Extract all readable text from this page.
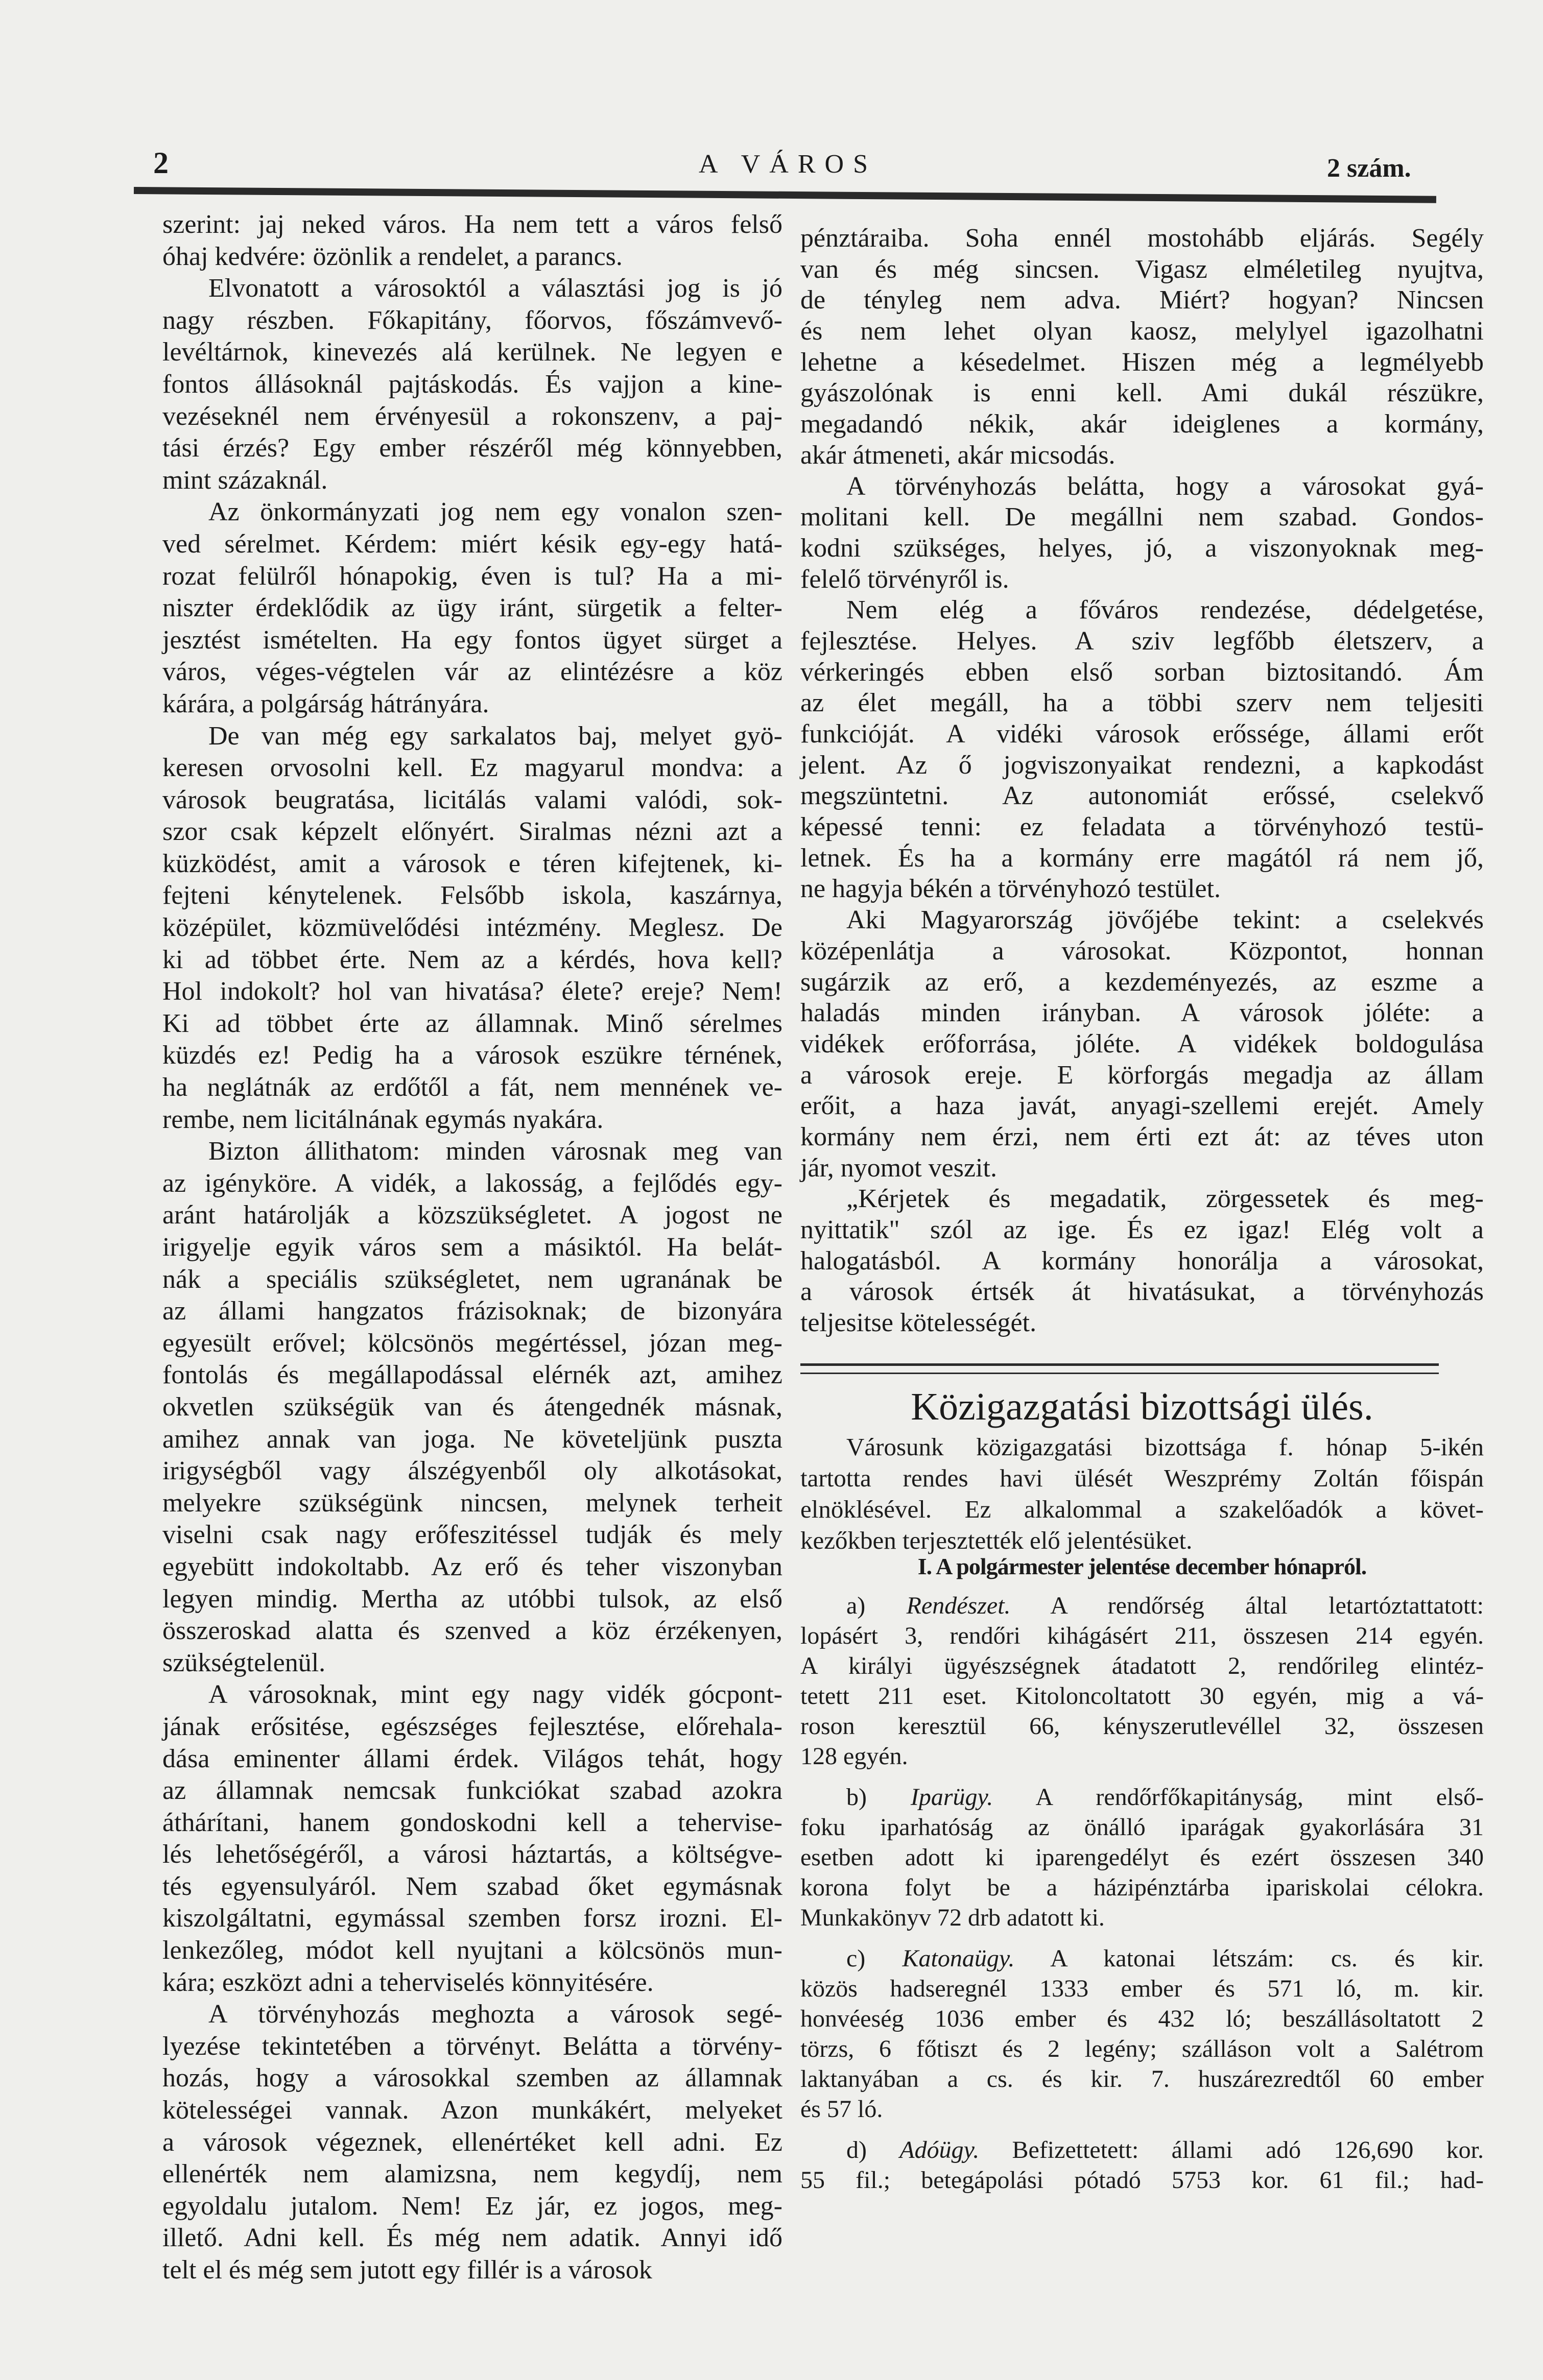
2	A VÁROS	2 szám.
szerint: jaj neked város. Ha nem tett a város felső
óhaj kedvére: özönlik a rendelet, a parancs.
Elvonatott a városoktól a választási jog is jó
nagy részben. Főkapitány, főorvos, főszámvevő-
levéltárnok, kinevezés alá kerülnek. Ne legyen e
fontos állásoknál pajtáskodás. És vajjon a kine-
vezéseknél nem érvényesül a rokonszenv, a paj-
tási érzés? Egy ember részéről még könnyebben,
mint százaknál.
Az önkormányzati jog nem egy vonalon szen-
ved sérelmet. Kérdem: miért késik egy-egy hatá-
rozat felülről hónapokig, éven is tul? Ha a mi-
niszter érdeklődik az ügy iránt, sürgetik a felter-
jesztést ismételten. Ha egy fontos ügyet sürget a
város, véges-végtelen vár az elintézésre a köz
kárára, a polgárság hátrányára.
De van még egy sarkalatos baj, melyet gyö-
keresen orvosolni kell. Ez magyarul mondva: a
városok beugratása, licitálás valami valódi, sok-
szor csak képzelt előnyért. Siralmas nézni azt a
küzködést, amit a városok e téren kifejtenek, ki-
fejteni kénytelenek. Felsőbb iskola, kaszárnya,
középület, közmüvelődési intézmény. Meglesz. De
ki ad többet érte. Nem az a kérdés, hova kell?
Hol indokolt? hol van hivatása? élete? ereje? Nem!
Ki ad többet érte az államnak. Minő sérelmes
küzdés ez! Pedig ha a városok eszükre térnének,
ha neglátnák az erdőtől a fát, nem mennének ve-
rembe, nem licitálnának egymás nyakára.
Bizton állithatom: minden városnak meg van
az igényköre. A vidék, a lakosság, a fejlődés egy-
aránt határolják a közszükségletet. A jogost ne
irigyelje egyik város sem a másiktól. Ha belát-
nák a speciális szükségletet, nem ugranának be
az állami hangzatos frázisoknak; de bizonyára
egyesült erővel; kölcsönös megértéssel, józan meg-
fontolás és megállapodással elérnék azt, amihez
okvetlen szükségük van és átengednék másnak,
amihez annak van joga. Ne követeljünk puszta
irigységből vagy álszégyenből oly alkotásokat,
melyekre szükségünk nincsen, melynek terheit
viselni csak nagy erőfeszitéssel tudják és mely
egyebütt indokoltabb. Az erő és teher viszonyban
legyen mindig. Mertha az utóbbi tulsok, az első
összeroskad alatta és szenved a köz érzékenyen,
szükségtelenül.
A városoknak, mint egy nagy vidék gócpont-
jának erősitése, egészséges fejlesztése, előrehala-
dása eminenter állami érdek. Világos tehát, hogy
az államnak nemcsak funkciókat szabad azokra
áthárítani, hanem gondoskodni kell a tehervise-
lés lehetőségéről, a városi háztartás, a költségve-
tés egyensulyáról. Nem szabad őket egymásnak
kiszolgáltatni, egymással szemben forsz irozni. El-
lenkezőleg, módot kell nyujtani a kölcsönös mun-
kára; eszközt adni a teherviselés könnyitésére.
A törvényhozás meghozta a városok segé-
lyezése tekintetében a törvényt. Belátta a törvény-
hozás, hogy a városokkal szemben az államnak
kötelességei vannak. Azon munkákért, melyeket
a városok végeznek, ellenértéket kell adni. Ez
ellenérték nem alamizsna, nem kegydíj, nem
egyoldalu jutalom. Nem! Ez jár, ez jogos, meg-
illető. Adni kell. És még nem adatik. Annyi idő
telt el és még sem jutott egy fillér is a városok
pénztáraiba. Soha ennél mostohább eljárás. Segély
van és még sincsen. Vigasz elméletileg nyujtva,
de tényleg nem adva. Miért? hogyan? Nincsen
és nem lehet olyan kaosz, melylyel igazolhatni
lehetne a késedelmet. Hiszen még a legmélyebb
gyászolónak is enni kell. Ami dukál részükre,
megadandó nékik, akár ideiglenes a kormány,
akár átmeneti, akár micsodás.
A törvényhozás belátta, hogy a városokat gyá-
molitani kell. De megállni nem szabad. Gondos-
kodni szükséges, helyes, jó, a viszonyoknak meg-
felelő törvényről is.
Nem elég a főváros rendezése, dédelgetése,
fejlesztése. Helyes. A sziv legfőbb életszerv, a
vérkeringés ebben első sorban biztositandó. Ám
az élet megáll, ha a többi szerv nem teljesiti
funkcióját. A vidéki városok erőssége, állami erőt
jelent. Az ő jogviszonyaikat rendezni, a kapkodást
megszüntetni. Az autonomiát erőssé, cselekvő
képessé tenni: ez feladata a törvényhozó testü-
letnek. És ha a kormány erre magától rá nem jő,
ne hagyja békén a törvényhozó testület.
Aki Magyarország jövőjébe tekint: a cselekvés
középenlátja a városokat. Központot, honnan
sugárzik az erő, a kezdeményezés, az eszme a
haladás minden irányban. A városok jóléte: a
vidékek erőforrása, jóléte. A vidékek boldogulása
a városok ereje. E körforgás megadja az állam
erőit, a haza javát, anyagi-szellemi erejét. Amely
kormány nem érzi, nem érti ezt át: az téves uton
jár, nyomot veszit.
„Kérjetek és megadatik, zörgessetek és meg-
nyittatik" szól az ige. És ez igaz! Elég volt a
halogatásból. A kormány honorálja a városokat,
a városok értsék át hivatásukat, a törvényhozás
teljesitse kötelességét.
Közigazgatási bizottsági ülés.
Városunk közigazgatási bizottsága f. hónap 5-ikén
tartotta rendes havi ülését Weszprémy Zoltán főispán
elnöklésével. Ez alkalommal a szakelőadók a követ-
kezőkben terjesztették elő jelentésüket.
I. A polgármester jelentése december hónapról.
a) Rendészet. A rendőrség által letartóztattatott:
lopásért 3, rendőri kihágásért 211, összesen 214 egyén.
A királyi ügyészségnek átadatott 2, rendőrileg elintéz-
tetett 211 eset. Kitoloncoltatott 30 egyén, mig a vá-
roson keresztül 66, kényszerutlevéllel 32, összesen
128 egyén.
b) Iparügy. A rendőrfőkapitányság, mint első-
foku iparhatóság az önálló iparágak gyakorlására 31
esetben adott ki iparengedélyt és ezért összesen 340
korona folyt be a házipénztárba ipariskolai célokra.
Munkakönyv 72 drb adatott ki.
c) Katonaügy. A katonai létszám: cs. és kir.
közös hadseregnél 1333 ember és 571 ló, m. kir.
honvéeség 1036 ember és 432 ló; beszállásoltatott 2
törzs, 6 főtiszt és 2 legény; szálláson volt a Salétrom
laktanyában a cs. és kir. 7. huszárezredtől 60 ember
és 57 ló.
d) Adóügy. Befizettetett: állami adó 126,690 kor.
55 fil.; betegápolási pótadó 5753 kor. 61 fil.; had-
